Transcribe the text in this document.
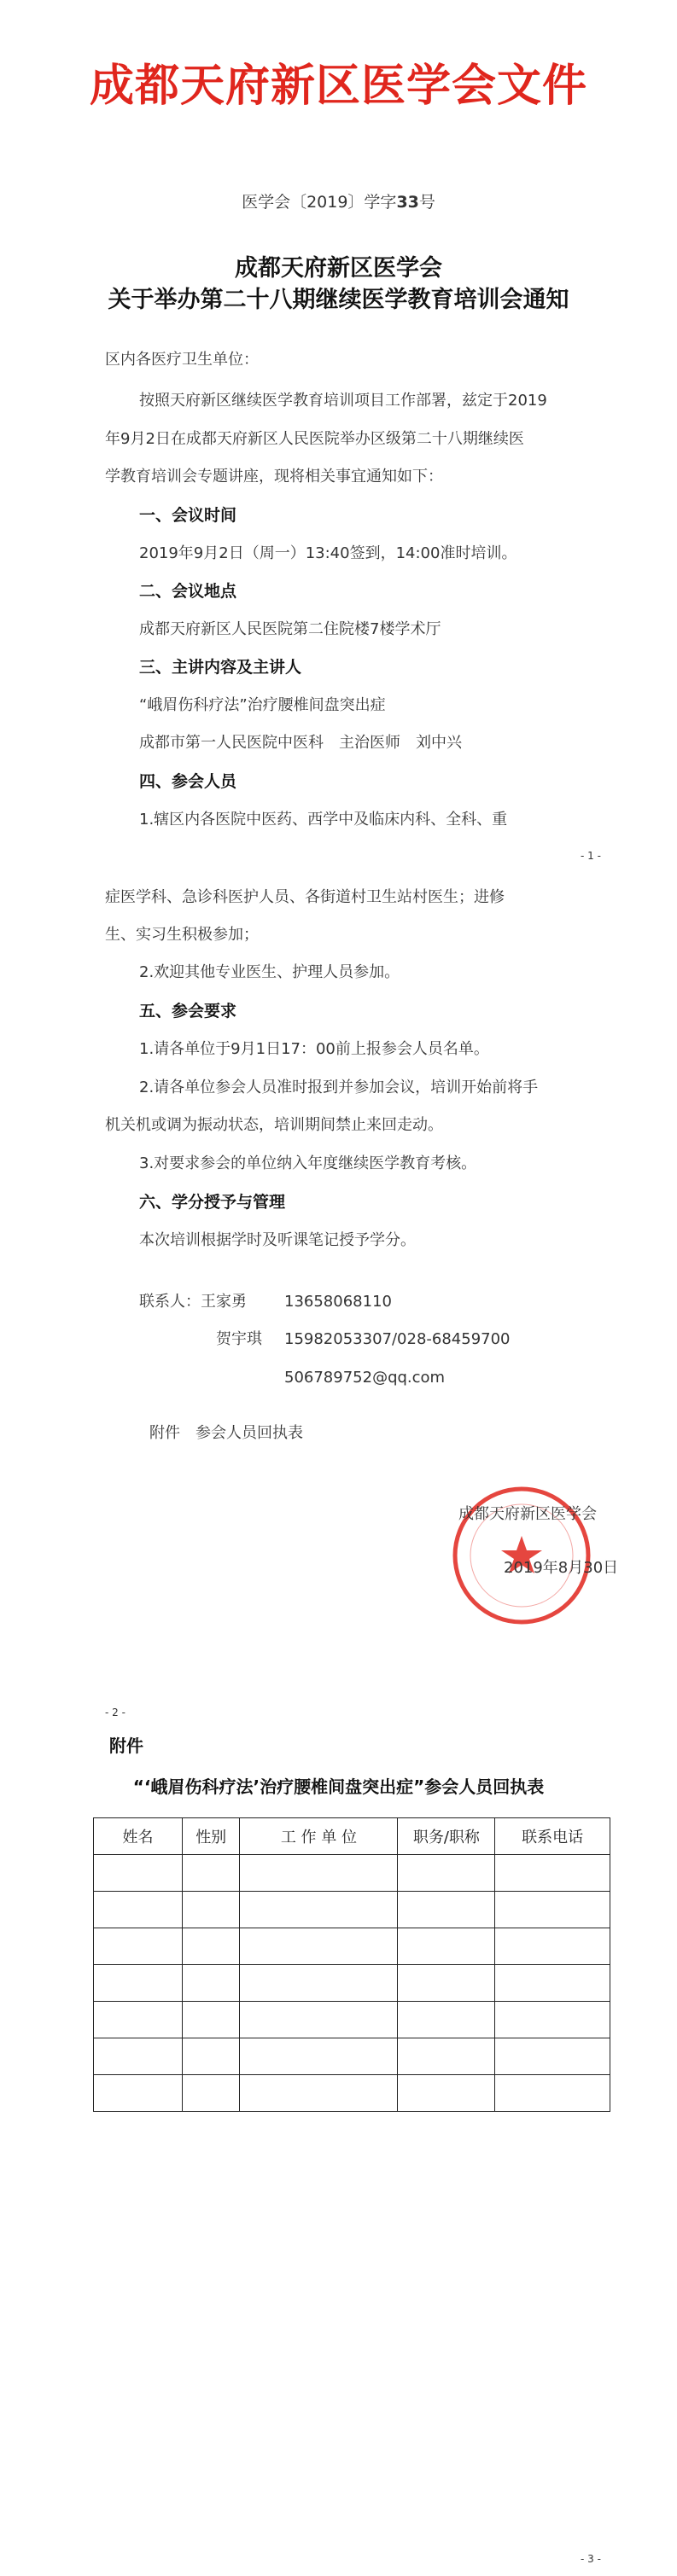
成都天府新区医学会文件
医学会〔2019〕学字33号
成都天府新区医学会
关于举办第二十八期继续医学教育培训会通知
区内各医疗卫生单位：
按照天府新区继续医学教育培训项目工作部署，兹定于2019
年9月2日在成都天府新区人民医院举办区级第二十八期继续医
学教育培训会专题讲座，现将相关事宜通知如下：
一、会议时间
2019年9月2日（周一）13:40签到，14:00准时培训。
二、会议地点
成都天府新区人民医院第二住院楼7楼学术厅
三、主讲内容及主讲人
“峨眉伤科疗法”治疗腰椎间盘突出症
成都市第一人民医院中医科　主治医师　刘中兴
四、参会人员
1.辖区内各医院中医药、西学中及临床内科、全科、重
- 1 -
症医学科、急诊科医护人员、各街道村卫生站村医生；进修
生、实习生积极参加；
2.欢迎其他专业医生、护理人员参加。
五、参会要求
1.请各单位于9月1日17：00前上报参会人员名单。
2.请各单位参会人员准时报到并参加会议，培训开始前将手
机关机或调为振动状态，培训期间禁止来回走动。
3.对要求参会的单位纳入年度继续医学教育考核。
六、学分授予与管理
本次培训根据学时及听课笔记授予学分。
联系人：王家勇 13658068110
贺宇琪 15982053307/028-68459700
506789752@qq.com
附件　参会人员回执表
成都天府新区医学会
2019年8月30日
- 2 -
附件
“‘峨眉伤科疗法’治疗腰椎间盘突出症”参会人员回执表
姓名	性别	工 作 单 位	职务/职称	联系电话

- 3 -
